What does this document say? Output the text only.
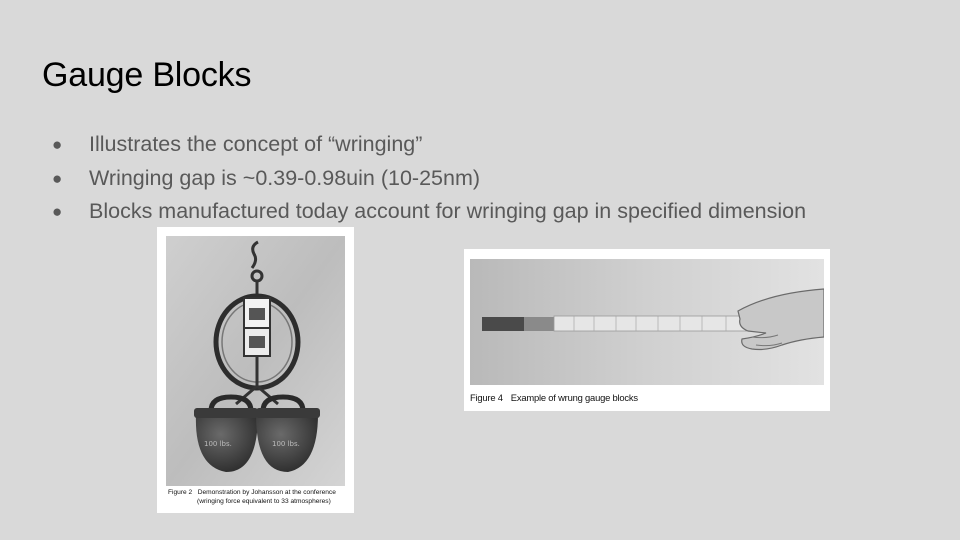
Gauge Blocks
● Illustrates the concept of “wringing”
● Wringing gap is ~0.39-0.98uin (10-25nm)
● Blocks manufactured today account for wringing gap in specified dimension
100 lbs.	100 lbs.
Figure 2 Demonstration by Johansson at the conference
(wringing force equivalent to 33 atmospheres)
Figure 4 Example of wrung gauge blocks
